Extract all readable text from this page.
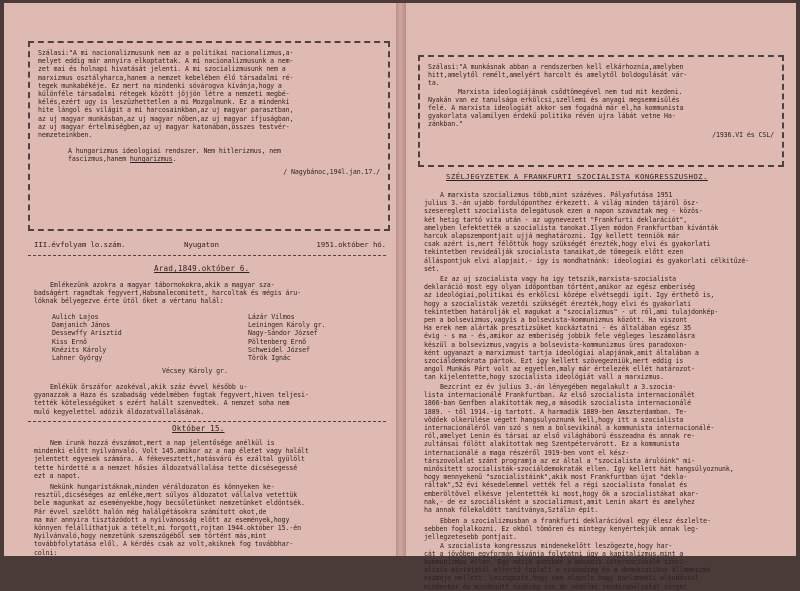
Szálasi:"A mi nacionalizmusunk nem az a politikai nacionalizmus,a-
melyet eddig már annyira elkoptattak. A mi nacionalizmusunk a nem-
zet mai és holnapi hivatását jelenti. A mi szocializmusunk nem a
marxizmus osztályharca,hanem a nemzet kebelében élő társadalmi ré-
tegek munkabékéje. Ez mert na mindenki sóvárogva kívánja,hogy a
különféle társadalmi rétegek között jöjjön létre a nemzeti megbé-
kélés,ezért ugy is leszüzhettetlen a mi Mozgalmunk. Ez a mindenki
hite lángol és világit a mi harcosainkban,az uj magyar parasztban,
az uj magyar munkásban,az uj magyar nőben,az uj magyar ifjuságban,
az uj magyar értelmiségben,az uj magyar katonában,összes testvér-
nemzeteinkben.
A hungarizmus ideologiai rendszer. Nem hitlerizmus, nem
fascizmus,hanem hungarizmus.
/ Nagybánoc,194l.jan.17./
III.évfolyam lo.szám.	Nyugaton	1951.október hó.
Arad,1849.október 6.
Emlékezünk azokra a magyar tábornokokra,akik a magyar sza-
badságért ragadtak fegyvert,Habsmalecomitett, harcoltak és mégis áru-
lóknak bélyegezve érte ütöl őket a vértanu halál:
Aulich Lajos
Damjanich János
Dessewffy Arisztid
Kiss Ernő
Knézits Károly
Lahner György
Lázár Vilmos
Leiningen Károly gr.
Nagy-Sándor József
Pöltenberg Ernő
Schweidel József
Török Ignác
Vécsey Károly gr.
Emlékük őrszáfor azokéval,akik száz évvel később u-
gyanazzak a Haza és szabadság védelmében fogtak fegyvert,hiven teljesi-
tették kötelességüket s ezért halált szenvedtek. A nemzet soha nem
muló kegyelettel adózik áldozatvállalásának.
Október 15.
Nem irunk hozzá évszámot,mert a nap jelentősége anélkül is
mindenki előtt nyilvánvaló. Volt 145.amikor az a nap életet vagy halált
jelentett egyesek számára. A fékevesztett,hatásvárú és ezáltal gyülölt
tette hirdetté a a nemzet hősies áldozatvállalása tette dicsésegessé
ezt a napot.
Nekünk hungaristáknak,minden véráldozaton és könnyeken ke-
resztül,dicséséges az emléke,mert súlyos áldozatot vállalva vetettük
bele magunkat az eseményekbe,hogy becsületünket nemzetünket eldöntsék.
Pár évvel szelőtt halón még halálgétásokra számított okot,de
ma már annyira tisztázódott a nyilvánosság előtt az események,hogy
könnyen felállíthatjuk a tételt,mi forgott,rojtan 1944.október 15.-én
Nyilvánvaló,hogy nemzetünk szemszögéből sem történt más,mint
továbbfolytatása elől. A kérdés csak az volt,akiknek fog továbbhar-
colni:
Szálasi:"A munkásnak abban a rendszerben kell elkárhoznia,amelyben
hitt,amelytől remélt,amelyért harcolt és amelytől boldogulását vár-
ta.
Marxista ideologiájának csődtömegével nem tud mit kezdeni.
Nyakán van ez tanulsága erkölcsi,szellemi és anyagi megsemmisülés
felé. A marxista ideologiát akkor sem fogadná már el,ha kommunista
gyakorlata valamilyen érdekű politika révén ujra lábát vetne Ha-
zánkban."
/1936.VI és CSL/
SZÉLJEGYZETEK A FRANKFURTI SZOCIALISTA KONGRESSZUSHOZ.
A marxista szocializmus több,mint százéves. Pályafutása 1951
julius 3.-án ujabb fordulóponthez érkezett. A világ minden tájáról ösz-
szesereglett szocialista delegátusok ezen a napon szavaztak meg - közös-
két hetig tartó vita után - az ugynevezett "Frankfurti deklarációt",
amelyben lefektették a szocialista tanokat.Ilyen módon Frankfurtban kívánták
harcuk alapszempontjait ujjá meghatározni. Így kellett tenniök már
csak azért is,mert félőttük hogy szükségét érezték,hogy elvi és gyakorlati
tekintetben revideálják szocialista tanaikat,de tömegeik előtt ezen
álláspontjuk elvi alapjait.- igy is mondhatnánk: ideologiai és gyakorlati célkitűzé-
sét.
Ez az uj szocialista vagy ha igy tetszik,marxista-szocialista
deklaráció most egy olyan időpontban történt,amikor az egész emberiség
az ideológiai,politikai és erkölcsi középe elvétsegdi igit. Igy érthető is,
hogy a szocialisták vezetői szükségét érezték,hogy elvi és gyakorlati
tekintetben határolják el magukat a "szocializmus" - ut ról,ami tulajdonkép-
pen a bolsevizmus,vagyis a bolsevista-kommunizmus között. Ha viszont
Ha erek nem alárták presztizsüket kockáztatni - és általában egész 35
évig - s ma - és,amikor az emberiség jobbik fele végleges leszámolásra
készül a bolsevizmus,vagyis a bolsevista-kommunizmus üres paradoxon-
ként ugyanazt a marxizmust tartja ideológiai alapjának,amit általában a
szociáldemokrata pártok. Ezt így kellett szövegezniük,mert eddig is
angol Munkás Párt volt az egyetlen,maly már értelezék ellét határozot-
tan kijelentette,hogy szocialista ideológiát vall a marxizmus.
Bezcrint ez év julius 3.-án lényegében megalakult a 3.szocia-
lista internacionálé Frankfurtban. Az első szocialista internacionálét
1866-ban Genfben alakították meg,a második szocialista internacionálé
1889. - től 1914.-ig tartott. A harmadik 1889-ben Amszterdamban. Te-
vődőek olkerülése végett hangsulyoznunk kell,hogy itt a szocialista
internacionáléról van szó s nem a bolsevikinál a kommunista internacionálé-
ról,amelyet Lenin és társai az első világháború ésszeadna és annak re-
zultánsai fölött alakítottak meg Szentpétervárott. Ez a kommunista
internacionálé a maga részéről 1919-ben vont el kész-
társzovolalat szánt programja az ez által a "szocialista árulóink" mi-
minősített szocialisták-szociáldemokraták ellen. Igy kellett hát hangsúlyoznunk,
hogy mennyekenü "szocialistáink",akik most Frankfurtban újat "dekla-
ráltak",52 évi késedelemmel vették fel a régi szocialista fonalat és
emberöltővel elkésve jelentették ki most,hogy ők a szocialistákat akar-
nak,- de ez szociálisként a szocializmust,amit Lenin akart és amelyhez
ha annak fölekaldött tanítványa,Sztálin épít.
Ebben a szocializmusban a frankfurti deklarációval egy élesz észlelte-
sebben foglalkozni. Ez okból tömören és mintegy kenyértekjük annak leg-
jellegzetesebb pontjait.
A szocialista kongresszus mindenekelőtt leszögezte,hogy har-
cát a jövőben egyformán kívánja folytatni úgy a kapitalizmus,mint a
kommunizmus ellen. Egy másik pontban a második internacionálé szoci-
alista mintájától eltértő foglalt a szabadság és a demokratikus állameszmé
eszméje mellett. Leszögezte,hogy nem alapelv,hogy parlamenti alkudással
mindenkor és mindenütt szükség van,de védelmi rendszabályokat sürget
